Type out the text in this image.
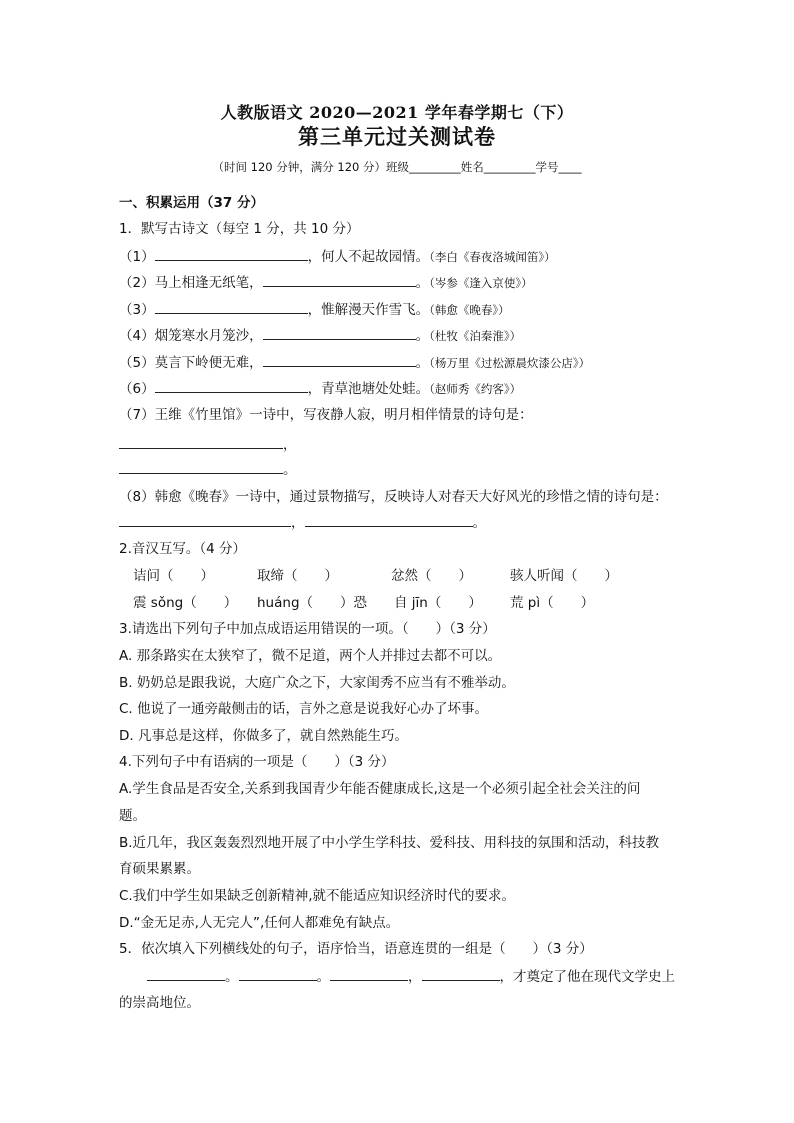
人教版语文 2020—2021 学年春学期七（下）
第三单元过关测试卷
（时间 120 分钟，满分 120 分）班级_________姓名_________学号____
一、积累运用（37 分）
1．默写古诗文（每空 1 分，共 10 分）
（1）	，何人不起故园情。（李白《春夜洛城闻笛》）
（2）马上相逢无纸笔，	。（岑参《逢入京使》）
（3）	，惟解漫天作雪飞。（韩愈《晚春》）
（4）烟笼寒水月笼沙，	。（杜牧《泊秦淮》）
（5）莫言下岭便无难，	。（杨万里《过松源晨炊漆公店》）
（6）	，青草池塘处处蛙。（赵师秀《约客》）
（7）王维《竹里馆》一诗中，写夜静人寂，明月相伴情景的诗句是：
，
。
（8）韩愈《晚春》一诗中，通过景物描写，反映诗人对春天大好风光的珍惜之情的诗句是：
，	。
2.音汉互写。（4 分）
诘问（　　）	取缔（　　）	忿然（　　）	骇人听闻（　　）
震 sǒng（　　） huáng（　　）恐 自 jīn（　　） 荒 pì（　　）
3.请选出下列句子中加点成语运用错误的一项。（　　）（3 分）
A. 那条路实在太狭窄了，微不足道，两个人并排过去都不可以。
B. 奶奶总是跟我说，大庭广众之下，大家闺秀不应当有不雅举动。
C. 他说了一通旁敲侧击的话，言外之意是说我好心办了坏事。
D. 凡事总是这样，你做多了，就自然熟能生巧。
4.下列句子中有语病的一项是（　　）（3 分）
A.学生食品是否安全,关系到我国青少年能否健康成长,这是一个必须引起全社会关注的问
题。
B.近几年，我区轰轰烈烈地开展了中小学生学科技、爱科技、用科技的氛围和活动，科技教
育硕果累累。
C.我们中学生如果缺乏创新精神,就不能适应知识经济时代的要求。
D.“金无足赤,人无完人”,任何人都难免有缺点。
5．依次填入下列横线处的句子，语序恰当，语意连贯的一组是（　　）（3 分）
。	。	，	，才奠定了他在现代文学史上
的崇高地位。
